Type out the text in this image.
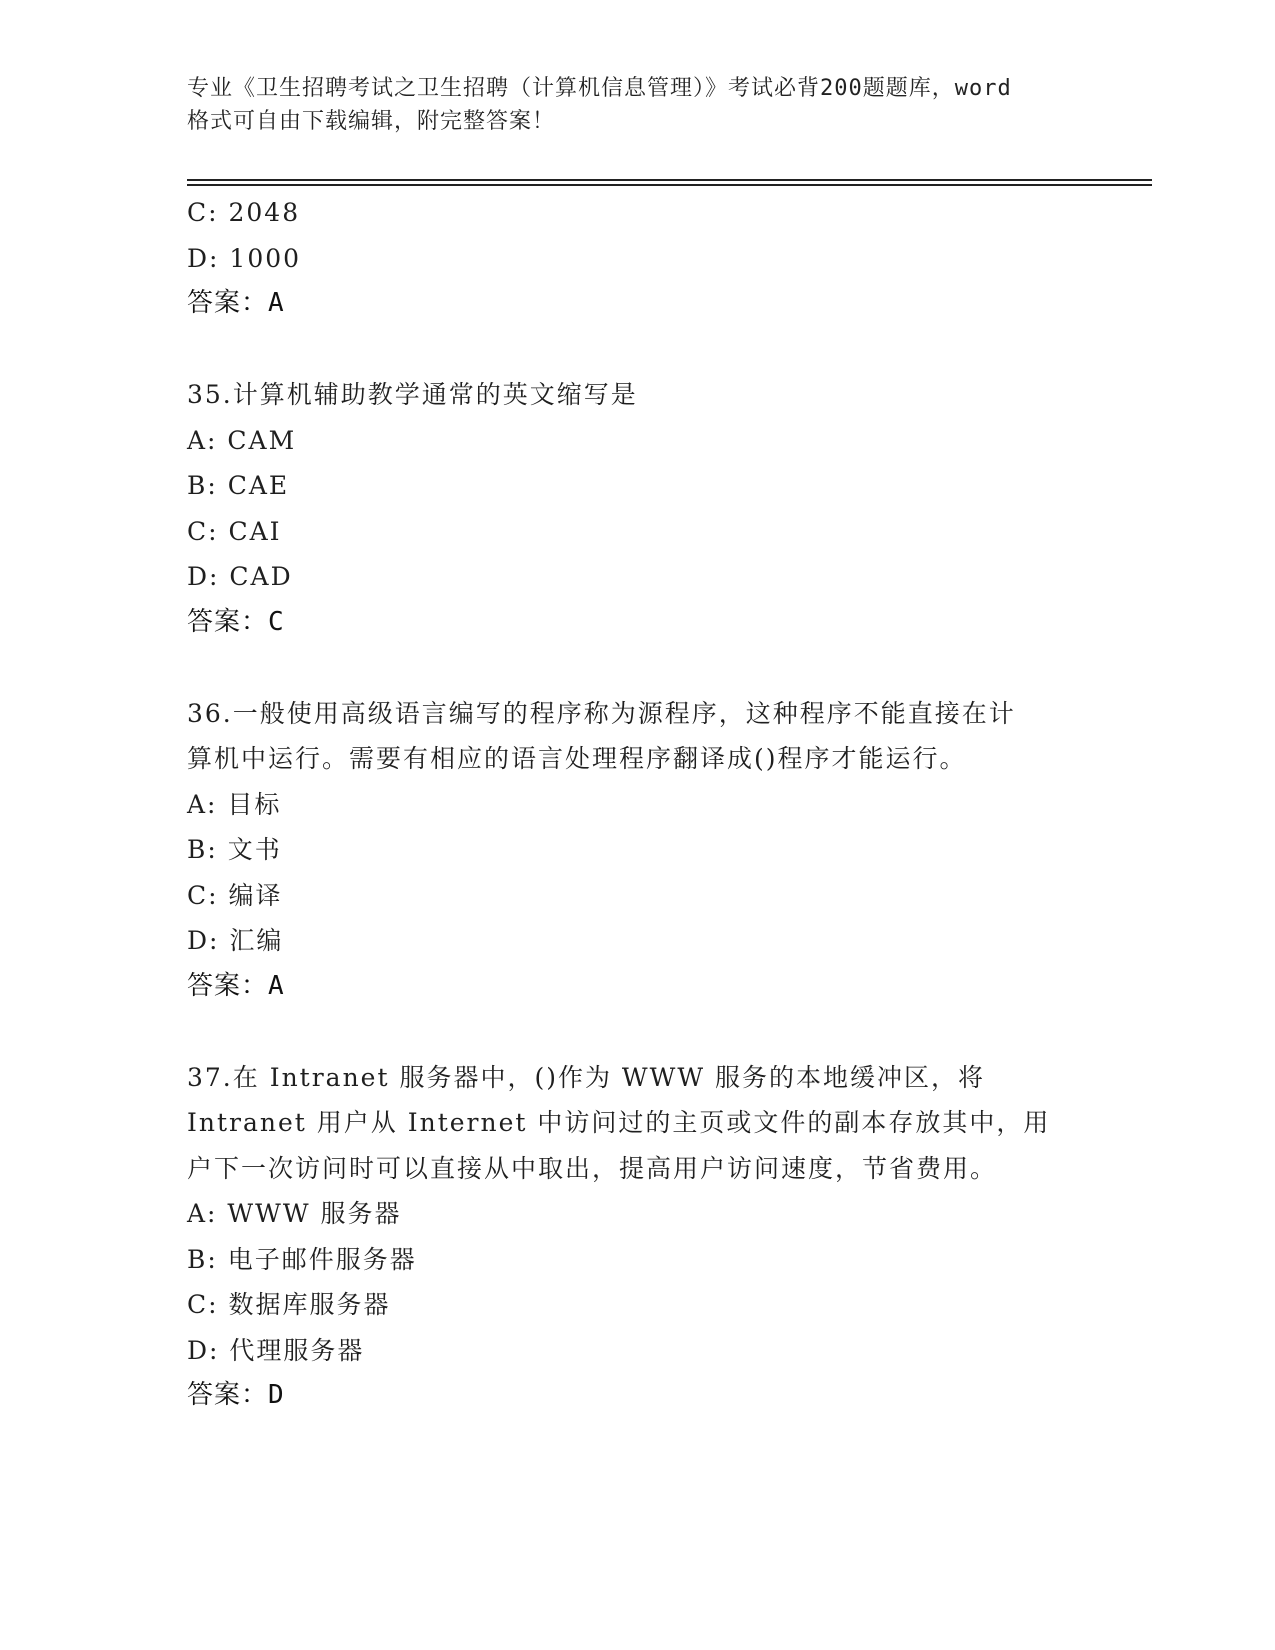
专业《卫生招聘考试之卫生招聘（计算机信息管理）》考试必背200题题库，word
格式可自由下载编辑，附完整答案！
C: 2048
D: 1000
答案：A
35.计算机辅助教学通常的英文缩写是
A: CAM
B: CAE
C: CAI
D: CAD
答案：C
36.一般使用高级语言编写的程序称为源程序，这种程序不能直接在计
算机中运行。需要有相应的语言处理程序翻译成()程序才能运行。
A: 目标
B: 文书
C: 编译
D: 汇编
答案：A
37.在 Intranet 服务器中，()作为 WWW 服务的本地缓冲区，将
Intranet 用户从 Internet 中访问过的主页或文件的副本存放其中，用
户下一次访问时可以直接从中取出，提高用户访问速度，节省费用。
A: WWW 服务器
B: 电子邮件服务器
C: 数据库服务器
D: 代理服务器
答案：D
